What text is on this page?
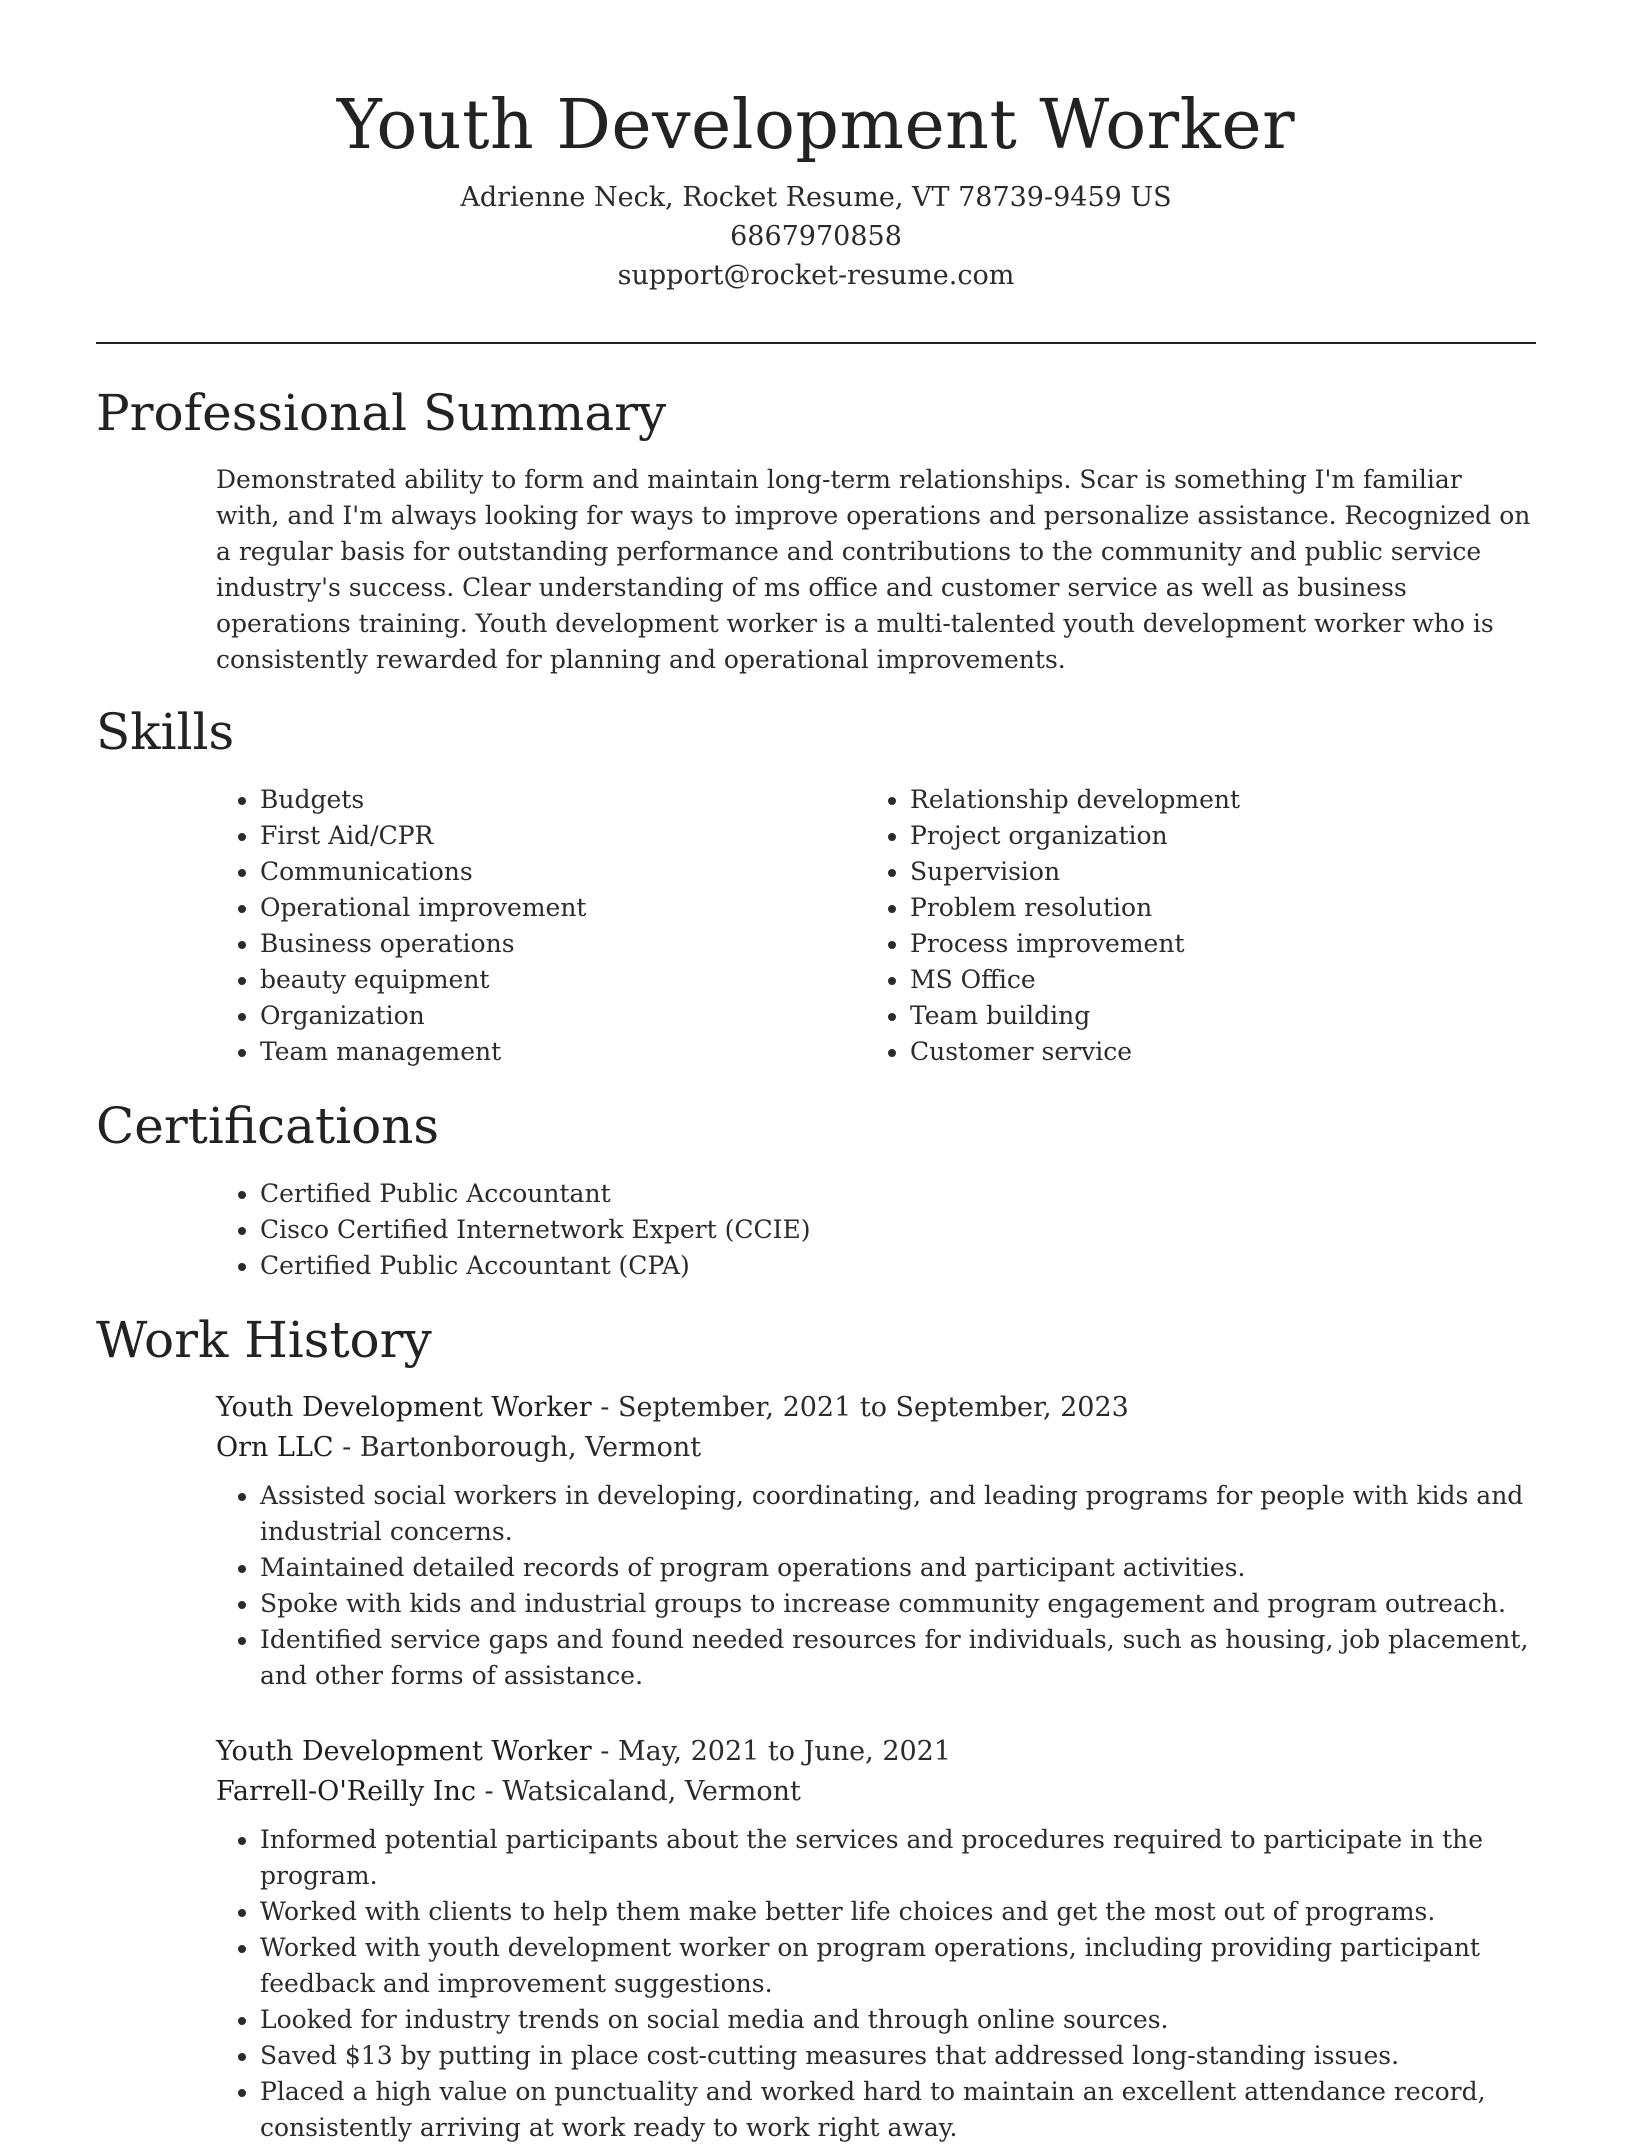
Youth Development Worker

Adrienne Neck, Rocket Resume, VT 78739-9459 US

6867970858

support@rocket-resume.com

Professional Summary

Demonstrated ability to form and maintain long-term relationships. Scar is something I'm familiar with, and I'm always looking for ways to improve operations and personalize assistance. Recognized on a regular basis for outstanding performance and contributions to the community and public service industry's success. Clear understanding of ms office and customer service as well as business operations training. Youth development worker is a multi-talented youth development worker who is consistently rewarded for planning and operational improvements.

Skills
• Budgets
• First Aid/CPR
• Communications
• Operational improvement
• Business operations
• beauty equipment
• Organization
• Team management
• Relationship development
• Project organization
• Supervision
• Problem resolution
• Process improvement
• MS Office
• Team building
• Customer service
Certifications
• Certified Public Accountant
• Cisco Certified Internetwork Expert (CCIE)
• Certified Public Accountant (CPA)
Work History

Youth Development Worker - September, 2021 to September, 2023

Orn LLC - Bartonborough, Vermont

• Assisted social workers in developing, coordinating, and leading programs for people with kids and industrial concerns.
• Maintained detailed records of program operations and participant activities.
• Spoke with kids and industrial groups to increase community engagement and program outreach.
• Identified service gaps and found needed resources for individuals, such as housing, job placement, and other forms of assistance.

Youth Development Worker - May, 2021 to June, 2021

Farrell-O'Reilly Inc - Watsicaland, Vermont

• Informed potential participants about the services and procedures required to participate in the program.
• Worked with clients to help them make better life choices and get the most out of programs.
• Worked with youth development worker on program operations, including providing participant feedback and improvement suggestions.
• Looked for industry trends on social media and through online sources.
• Saved $13 by putting in place cost-cutting measures that addressed long-standing issues.
• Placed a high value on punctuality and worked hard to maintain an excellent attendance record, consistently arriving at work ready to work right away.
